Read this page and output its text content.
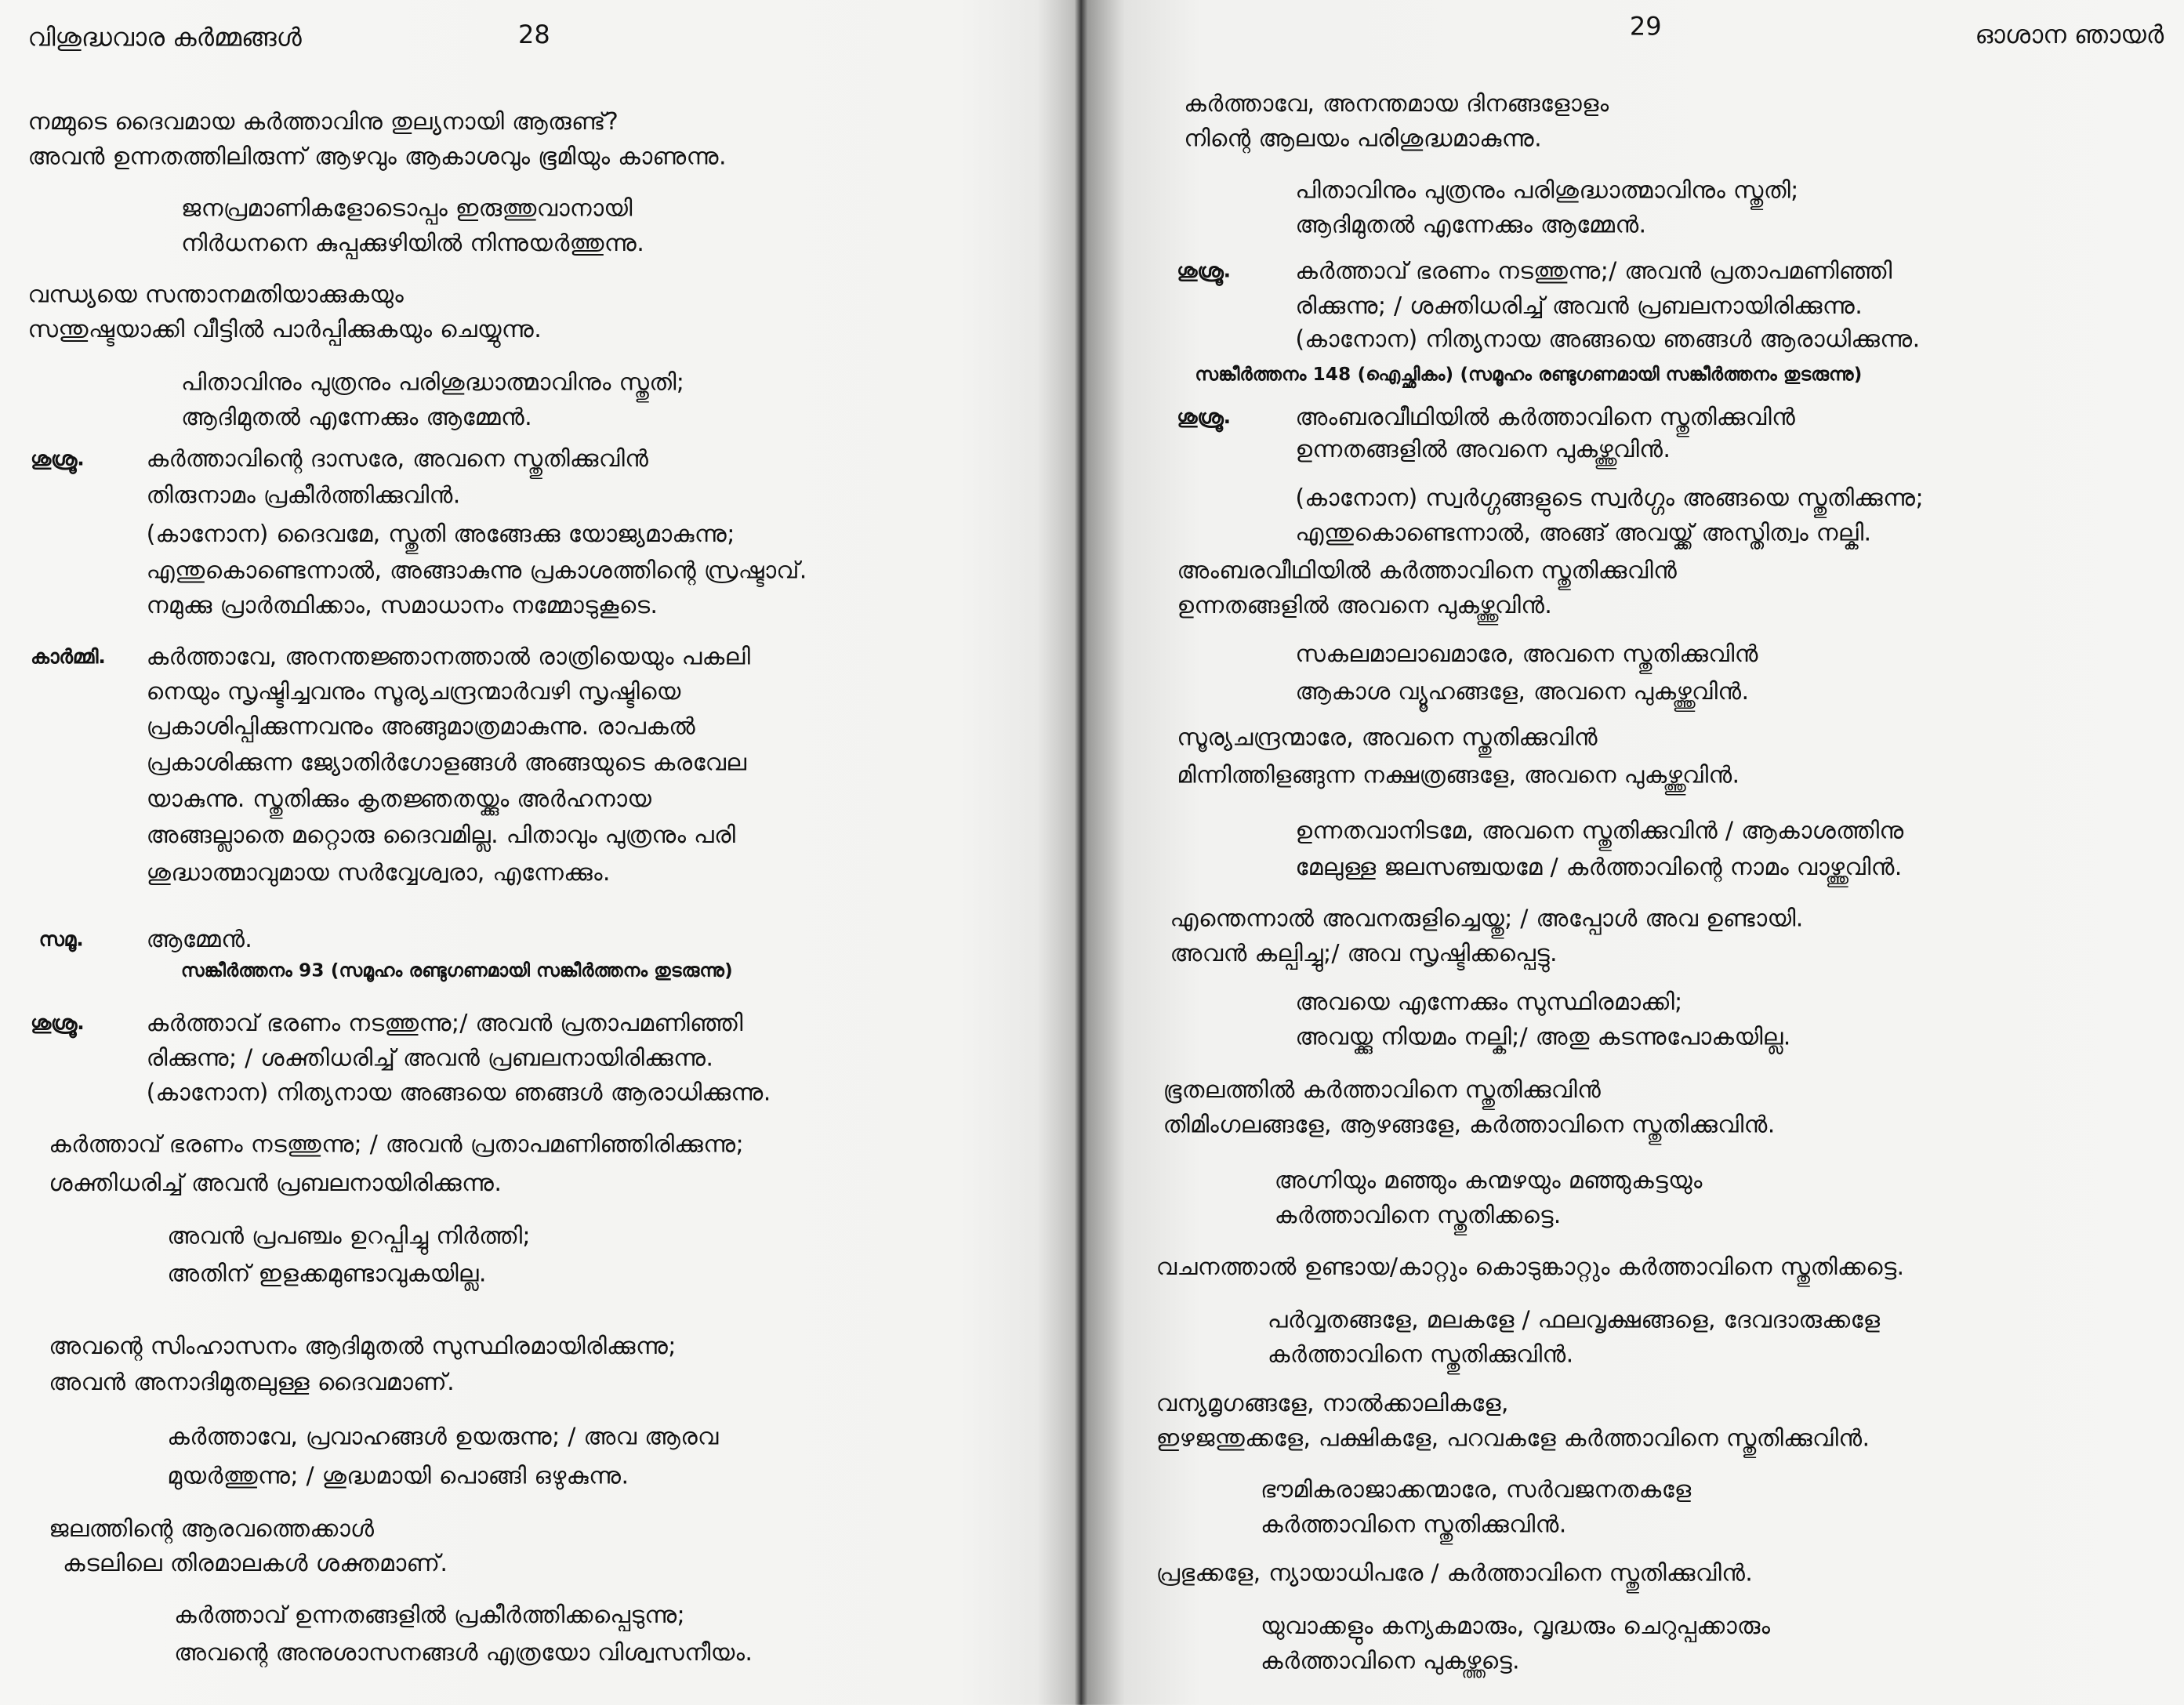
വിശുദ്ധവാര കർമ്മങ്ങൾ	28
ശുശ്രൂ.
കാർമ്മി.
സമൂ.
ശുശ്രൂ.
നമ്മുടെ ദൈവമായ കർത്താവിനു തുല്യനായി ആരുണ്ട്?
അവൻ ഉന്നതത്തിലിരുന്ന് ആഴവും ആകാശവും ഭൂമിയും കാണുന്നു.
ജനപ്രമാണികളോടൊപ്പം ഇരുത്തുവാനായി
നിർധനനെ കുപ്പക്കുഴിയിൽ നിന്നുയർത്തുന്നു.
വന്ധ്യയെ സന്താനമതിയാക്കുകയും
സന്തുഷ്ടയാക്കി വീട്ടിൽ പാർപ്പിക്കുകയും ചെയ്യുന്നു.
പിതാവിനും പുത്രനും പരിശുദ്ധാത്മാവിനും സ്തുതി;
ആദിമുതൽ എന്നേക്കും ആമ്മേൻ.
കർത്താവിന്റെ ദാസരേ, അവനെ സ്തുതിക്കുവിൻ
തിരുനാമം പ്രകീർത്തിക്കുവിൻ.
(കാനോന) ദൈവമേ, സ്തുതി അങ്ങേക്കു യോജ്യമാകുന്നു;
എന്തുകൊണ്ടെന്നാൽ, അങ്ങാകുന്നു പ്രകാശത്തിന്റെ സ്രഷ്ടാവ്.
നമുക്കു പ്രാർത്ഥിക്കാം, സമാധാനം നമ്മോടുകൂടെ.
കർത്താവേ, അനന്തജ്ഞാനത്താൽ രാത്രിയെയും പകലി
നെയും സൃഷ്ടിച്ചവനും സൂര്യചന്ദ്രന്മാർവഴി സൃഷ്ടിയെ
പ്രകാശിപ്പിക്കുന്നവനും അങ്ങുമാത്രമാകുന്നു. രാപകൽ
പ്രകാശിക്കുന്ന ജ്യോതിർഗോളങ്ങൾ അങ്ങയുടെ കരവേല
യാകുന്നു. സ്തുതിക്കും കൃതജ്ഞതയ്ക്കും അർഹനായ
അങ്ങല്ലാതെ മറ്റൊരു ദൈവമില്ല. പിതാവും പുത്രനും പരി
ശുദ്ധാത്മാവുമായ സർവ്വേശ്വരാ, എന്നേക്കും.
ആമ്മേൻ.
സങ്കീർത്തനം 93 (സമൂഹം രണ്ടുഗണമായി സങ്കീർത്തനം തുടരുന്നു)
കർത്താവ് ഭരണം നടത്തുന്നു;/ അവൻ പ്രതാപമണിഞ്ഞി
രിക്കുന്നു; / ശക്തിധരിച്ച് അവൻ പ്രബലനായിരിക്കുന്നു.
(കാനോന) നിത്യനായ അങ്ങയെ ഞങ്ങൾ ആരാധിക്കുന്നു.
കർത്താവ് ഭരണം നടത്തുന്നു; / അവൻ പ്രതാപമണിഞ്ഞിരിക്കുന്നു;
ശക്തിധരിച്ച് അവൻ പ്രബലനായിരിക്കുന്നു.
അവൻ പ്രപഞ്ചം ഉറപ്പിച്ചു നിർത്തി;
അതിന് ഇളക്കമുണ്ടാവുകയില്ല.
അവന്റെ സിംഹാസനം ആദിമുതൽ സുസ്ഥിരമായിരിക്കുന്നു;
അവൻ അനാദിമുതലുള്ള ദൈവമാണ്.
കർത്താവേ, പ്രവാഹങ്ങൾ ഉയരുന്നു; / അവ ആരവ
മുയർത്തുന്നു; / ശുദ്ധമായി പൊങ്ങി ഒഴുകുന്നു.
ജലത്തിന്റെ ആരവത്തെക്കാൾ
കടലിലെ തിരമാലകൾ ശക്തമാണ്.
കർത്താവ് ഉന്നതങ്ങളിൽ പ്രകീർത്തിക്കപ്പെടുന്നു;
അവന്റെ അനുശാസനങ്ങൾ എത്രയോ വിശ്വസനീയം.
29	ഓശാന ഞായർ
ശുശ്രൂ.
ശുശ്രൂ.
കർത്താവേ, അനന്തമായ ദിനങ്ങളോളം
നിന്റെ ആലയം പരിശുദ്ധമാകുന്നു.
പിതാവിനും പുത്രനും പരിശുദ്ധാത്മാവിനും സ്തുതി;
ആദിമുതൽ എന്നേക്കും ആമ്മേൻ.
കർത്താവ് ഭരണം നടത്തുന്നു;/ അവൻ പ്രതാപമണിഞ്ഞി
രിക്കുന്നു; / ശക്തിധരിച്ച് അവൻ പ്രബലനായിരിക്കുന്നു.
(കാനോന) നിത്യനായ അങ്ങയെ ഞങ്ങൾ ആരാധിക്കുന്നു.
സങ്കീർത്തനം 148 (ഐച്ഛികം) (സമൂഹം രണ്ടുഗണമായി സങ്കീർത്തനം തുടരുന്നു)
അംബരവീഥിയിൽ കർത്താവിനെ സ്തുതിക്കുവിൻ
ഉന്നതങ്ങളിൽ അവനെ പുകഴ്ത്തുവിൻ.
(കാനോന) സ്വർഗ്ഗങ്ങളുടെ സ്വർഗ്ഗം അങ്ങയെ സ്തുതിക്കുന്നു;
എന്തുകൊണ്ടെന്നാൽ, അങ്ങ് അവയ്ക്ക് അസ്തിത്വം നല്കി.
അംബരവീഥിയിൽ കർത്താവിനെ സ്തുതിക്കുവിൻ
ഉന്നതങ്ങളിൽ അവനെ പുകഴ്ത്തുവിൻ.
സകലമാലാഖമാരേ, അവനെ സ്തുതിക്കുവിൻ
ആകാശ വ്യൂഹങ്ങളേ, അവനെ പുകഴ്ത്തുവിൻ.
സൂര്യചന്ദ്രന്മാരേ, അവനെ സ്തുതിക്കുവിൻ
മിന്നിത്തിളങ്ങുന്ന നക്ഷത്രങ്ങളേ, അവനെ പുകഴ്ത്തുവിൻ.
ഉന്നതവാനിടമേ, അവനെ സ്തുതിക്കുവിൻ / ആകാശത്തിനു
മേലുള്ള ജലസഞ്ചയമേ / കർത്താവിന്റെ നാമം വാഴ്ത്തുവിൻ.
എന്തെന്നാൽ അവനരുളിച്ചെയ്തു; / അപ്പോൾ അവ ഉണ്ടായി.
അവൻ കല്പിച്ചു;/ അവ സൃഷ്ടിക്കപ്പെട്ടു.
അവയെ എന്നേക്കും സുസ്ഥിരമാക്കി;
അവയ്ക്കു നിയമം നല്കി;/ അതു കടന്നുപോകയില്ല.
ഭൂതലത്തിൽ കർത്താവിനെ സ്തുതിക്കുവിൻ
തിമിംഗലങ്ങളേ, ആഴങ്ങളേ, കർത്താവിനെ സ്തുതിക്കുവിൻ.
അഗ്നിയും മഞ്ഞും കന്മഴയും മഞ്ഞുകട്ടയും
കർത്താവിനെ സ്തുതിക്കട്ടെ.
വചനത്താൽ ഉണ്ടായ/കാറ്റും കൊടുങ്കാറ്റും കർത്താവിനെ സ്തുതിക്കട്ടെ.
പർവ്വതങ്ങളേ, മലകളേ / ഫലവൃക്ഷങ്ങളെ, ദേവദാരുക്കളേ
കർത്താവിനെ സ്തുതിക്കുവിൻ.
വന്യമൃഗങ്ങളേ, നാൽക്കാലികളേ,
ഇഴജന്തുക്കളേ, പക്ഷികളേ, പറവകളേ കർത്താവിനെ സ്തുതിക്കുവിൻ.
ഭൗമികരാജാക്കന്മാരേ, സർവജനതകളേ
കർത്താവിനെ സ്തുതിക്കുവിൻ.
പ്രഭുക്കളേ, ന്യായാധിപരേ / കർത്താവിനെ സ്തുതിക്കുവിൻ.
യുവാക്കളും കന്യകമാരും, വൃദ്ധരും ചെറുപ്പക്കാരും
കർത്താവിനെ പുകഴ്ത്തട്ടെ.
